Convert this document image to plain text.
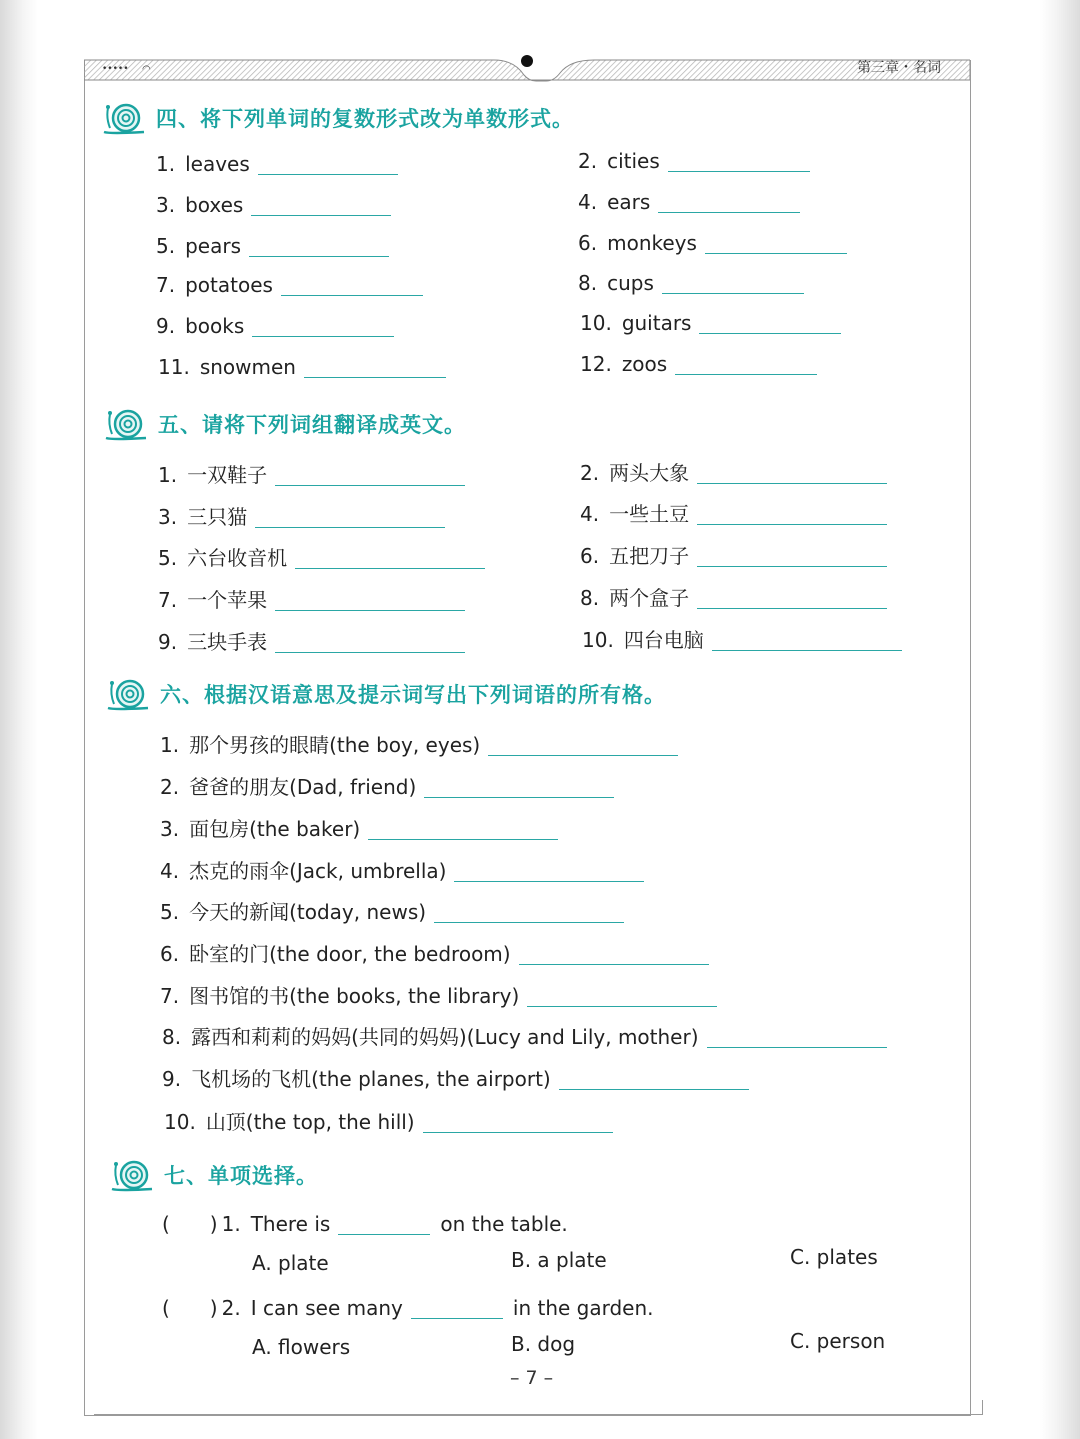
••••• ◠	第三章・名词
四、将下列单词的复数形式改为单数形式。
1. leaves	2. cities
3. boxes	4. ears
5. pears	6. monkeys
7. potatoes	8. cups
9. books	10. guitars
11. snowmen	12. zoos
五、请将下列词组翻译成英文。
1. 一双鞋子	2. 两头大象
3. 三只猫	4. 一些土豆
5. 六台收音机	6. 五把刀子
7. 一个苹果	8. 两个盒子
9. 三块手表	10. 四台电脑
六、根据汉语意思及提示词写出下列词语的所有格。
1. 那个男孩的眼睛(the boy, eyes)
2. 爸爸的朋友(Dad, friend)
3. 面包房(the baker)
4. 杰克的雨伞(Jack, umbrella)
5. 今天的新闻(today, news)
6. 卧室的门(the door, the bedroom)
7. 图书馆的书(the books, the library)
8. 露西和莉莉的妈妈(共同的妈妈)(Lucy and Lily, mother)
9. 飞机场的飞机(the planes, the airport)
10. 山顶(the top, the hill)
七、单项选择。
(　　) 1. There is	on the table.
A. plate	B. a plate	C. plates
(　　) 2. I can see many	in the garden.
A. flowers	B. dog	C. person
– 7 –
